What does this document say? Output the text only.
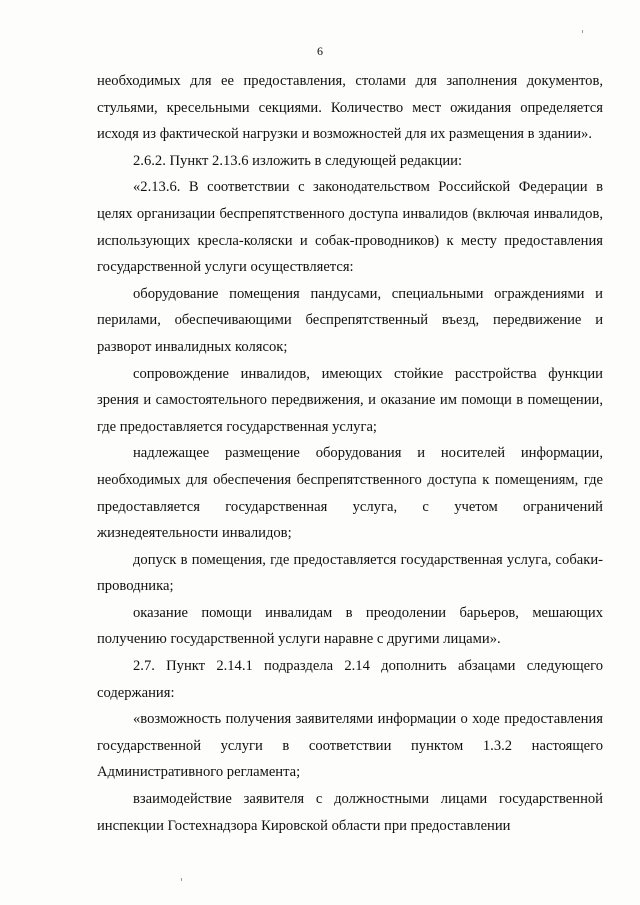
6

необходимых для ее предоставления, столами для заполнения документов, стульями, кресельными секциями. Количество мест ожидания определяется исходя из фактической нагрузки и возможностей для их размещения в здании».

2.6.2. Пункт 2.13.6 изложить в следующей редакции:

«2.13.6. В соответствии с законодательством Российской Федерации в целях организации беспрепятственного доступа инвалидов (включая инвалидов, использующих кресла-коляски и собак-проводников) к месту предоставления государственной услуги осуществляется:

оборудование помещения пандусами, специальными ограждениями и перилами, обеспечивающими беспрепятственный въезд, передвижение и разворот инвалидных колясок;

сопровождение инвалидов, имеющих стойкие расстройства функции зрения и самостоятельного передвижения, и оказание им помощи в помещении, где предоставляется государственная услуга;

надлежащее размещение оборудования и носителей информации, необходимых для обеспечения беспрепятственного доступа к помещениям, где предоставляется государственная услуга, с учетом ограничений жизнедеятельности инвалидов;

допуск в помещения, где предоставляется государственная услуга, собаки-проводника;

оказание помощи инвалидам в преодолении барьеров, мешающих получению государственной услуги наравне с другими лицами».

2.7. Пункт 2.14.1 подраздела 2.14 дополнить абзацами следующего содержания:

«возможность получения заявителями информации о ходе предоставления государственной услуги в соответствии пунктом 1.3.2 настоящего Административного регламента;

взаимодействие заявителя с должностными лицами государственной инспекции Гостехнадзора Кировской области при предоставлении
